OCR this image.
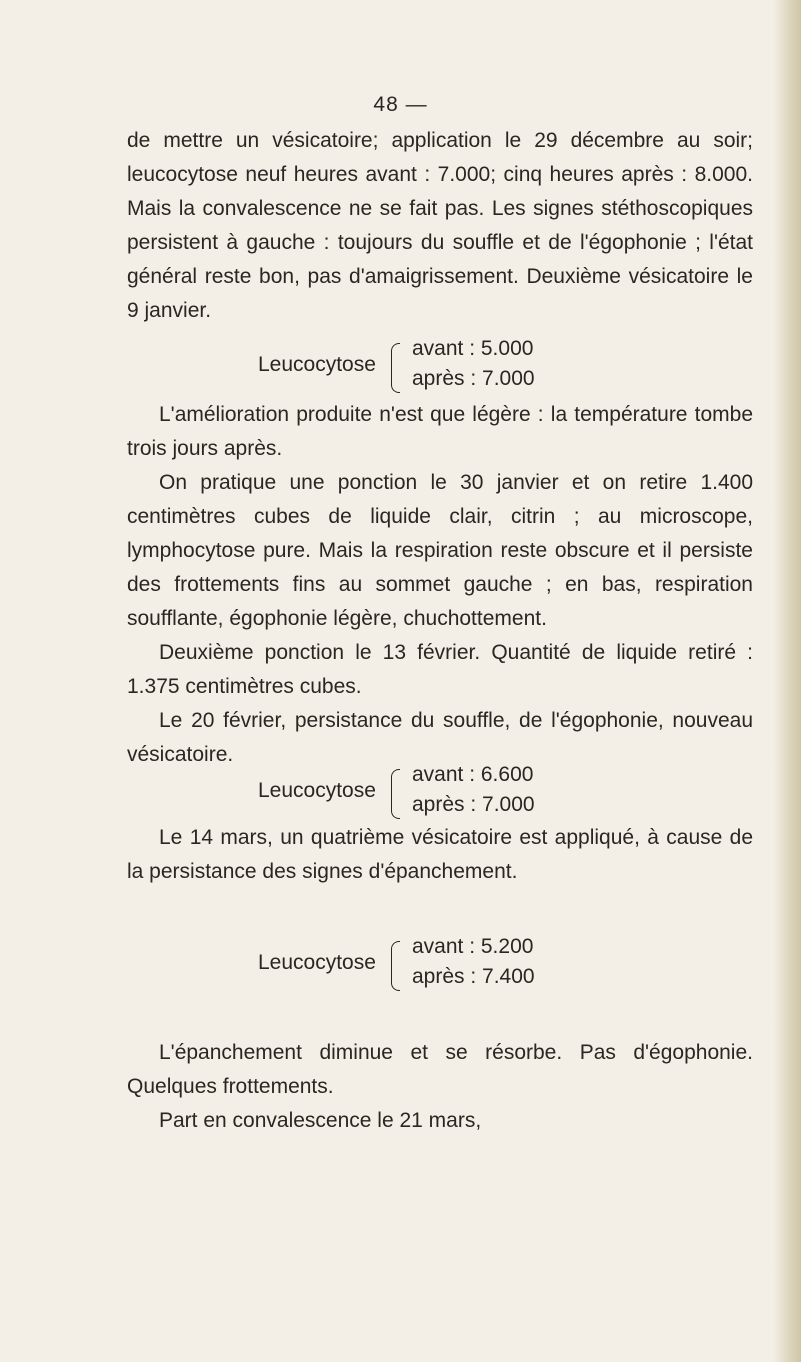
48 —

de mettre un vésicatoire; application le 29 décembre au soir; leucocytose neuf heures avant : 7.000; cinq heures après : 8.000. Mais la convalescence ne se fait pas. Les signes stéthoscopiques persistent à gauche : toujours du souffle et de l'égophonie ; l'état général reste bon, pas d'amaigrissement. Deuxième vésicatoire le 9 janvier.

Leucocytose
avant : 5.000
après : 7.000

L'amélioration produite n'est que légère : la température tombe trois jours après.

On pratique une ponction le 30 janvier et on retire 1.400 centimètres cubes de liquide clair, citrin ; au microscope, lymphocytose pure. Mais la respiration reste obscure et il persiste des frottements fins au sommet gauche ; en bas, respiration soufflante, égophonie légère, chuchottement.

Deuxième ponction le 13 février. Quantité de liquide retiré : 1.375 centimètres cubes.

Le 20 février, persistance du souffle, de l'égophonie, nouveau vésicatoire.

Leucocytose
avant : 6.600
après : 7.000

Le 14 mars, un quatrième vésicatoire est appliqué, à cause de la persistance des signes d'épanchement.

Leucocytose
avant : 5.200
après : 7.400

L'épanchement diminue et se résorbe. Pas d'égophonie. Quelques frottements.

Part en convalescence le 21 mars,
